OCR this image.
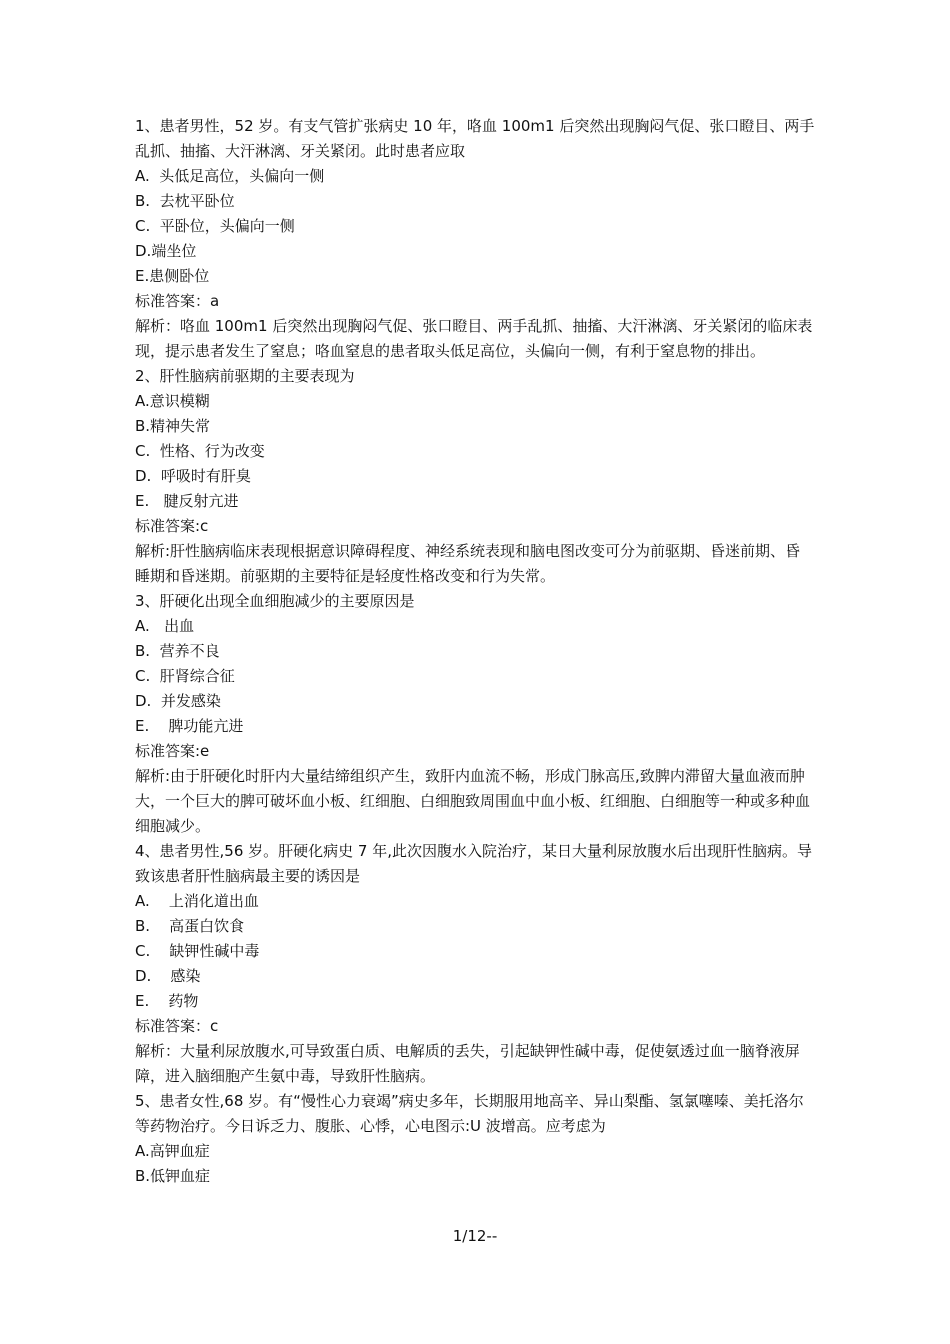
1、患者男性，52 岁。有支气管扩张病史 10 年，咯血 100m1 后突然出现胸闷气促、张口瞪目、两手乱抓、抽搐、大汗淋漓、牙关紧闭。此时患者应取

A.  头低足高位，头偏向一侧

B.  去枕平卧位

C.  平卧位，头偏向一侧

D.端坐位

E.患侧卧位

标准答案：a

解析：咯血 100m1 后突然出现胸闷气促、张口瞪目、两手乱抓、抽搐、大汗淋漓、牙关紧闭的临床表现，提示患者发生了窒息；咯血窒息的患者取头低足高位，头偏向一侧，有利于窒息物的排出。

2、肝性脑病前驱期的主要表现为

A.意识模糊

B.精神失常

C.  性格、行为改变

D.  呼吸时有肝臭

E.   腱反射亢进

标准答案:c

解析:肝性脑病临床表现根据意识障碍程度、神经系统表现和脑电图改变可分为前驱期、昏迷前期、昏睡期和昏迷期。前驱期的主要特征是轻度性格改变和行为失常。

3、肝硬化出现全血细胞减少的主要原因是

A.   出血

B.  营养不良

C.  肝肾综合征

D.  并发感染

E.    脾功能亢进

标准答案:e

解析:由于肝硬化时肝内大量结缔组织产生，致肝内血流不畅，形成门脉高压,致脾内滞留大量血液而肿大，一个巨大的脾可破坏血小板、红细胞、白细胞致周围血中血小板、红细胞、白细胞等一种或多种血细胞减少。

4、患者男性,56 岁。肝硬化病史 7 年,此次因腹水入院治疗，某日大量利尿放腹水后出现肝性脑病。导致该患者肝性脑病最主要的诱因是

A.    上消化道出血

B.    高蛋白饮食

C.    缺钾性碱中毒

D.    感染

E.    药物

标准答案：c

解析：大量利尿放腹水,可导致蛋白质、电解质的丢失，引起缺钾性碱中毒，促使氨透过血一脑脊液屏障，进入脑细胞产生氨中毒，导致肝性脑病。

5、患者女性,68 岁。有“慢性心力衰竭”病史多年，长期服用地高辛、异山梨酯、氢氯噻嗪、美托洛尔等药物治疗。今日诉乏力、腹胀、心悸，心电图示:U 波增高。应考虑为

A.高钾血症

B.低钾血症

1/12--
